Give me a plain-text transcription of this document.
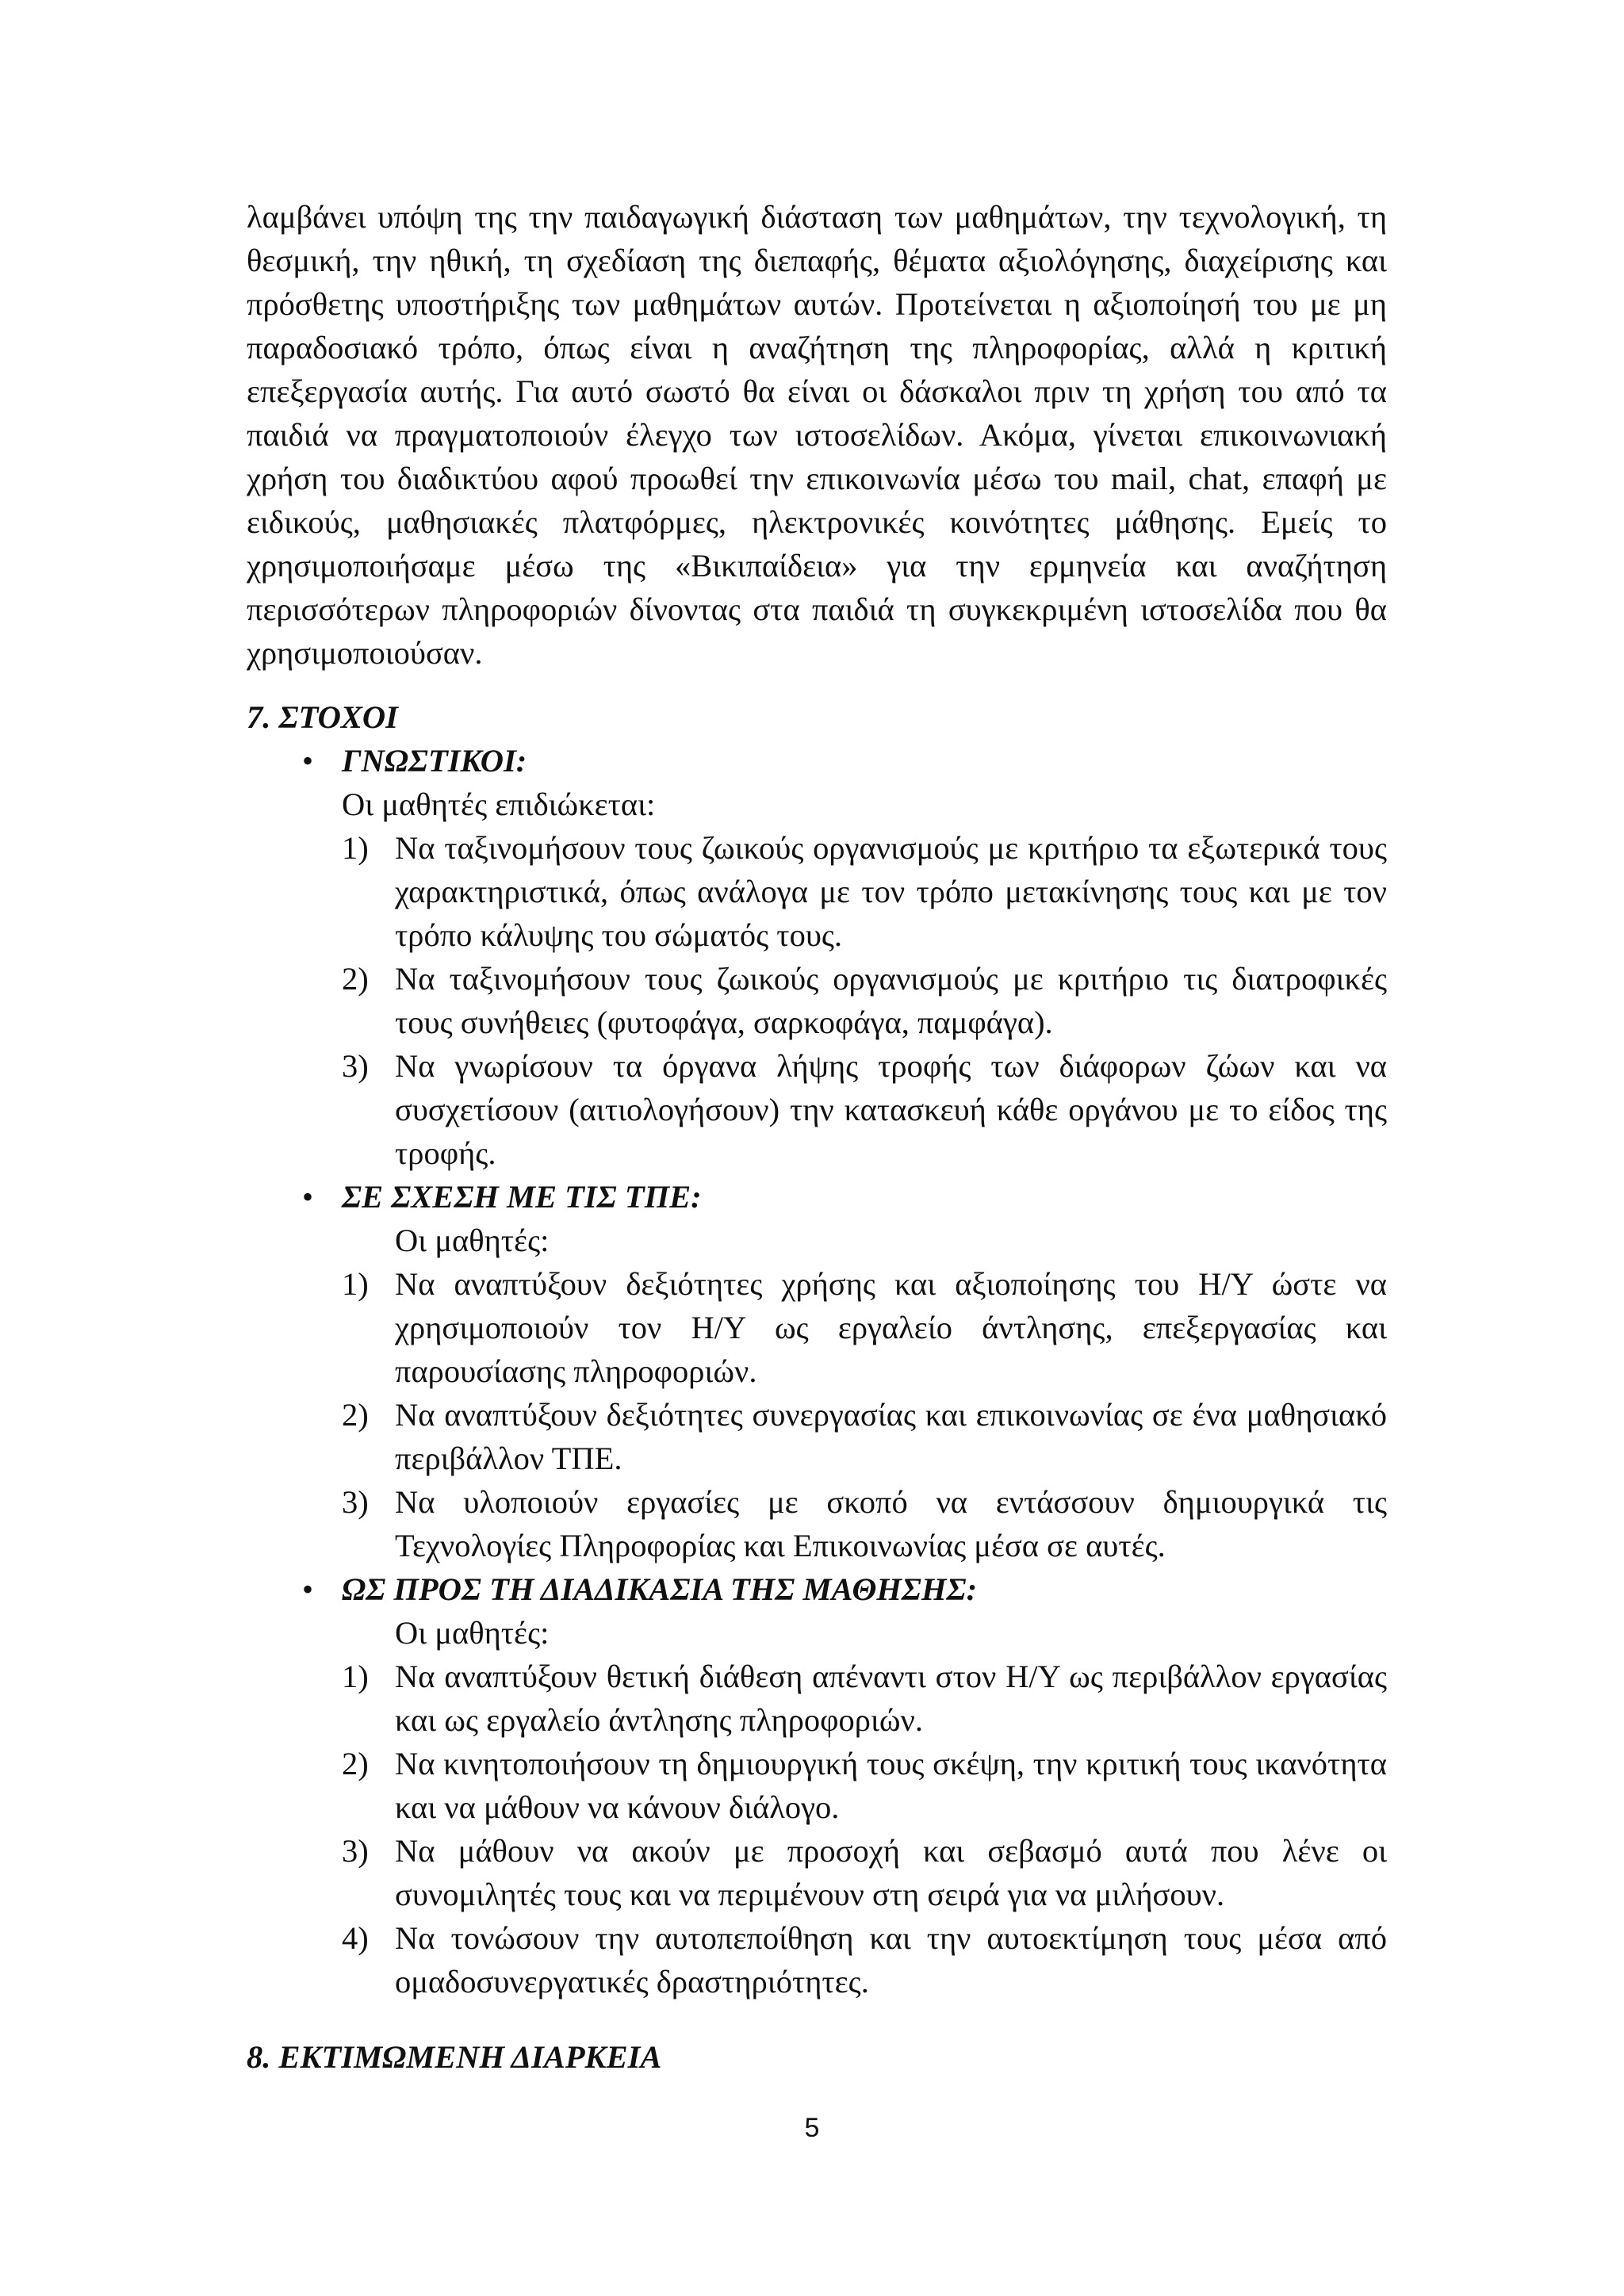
λαμβάνει υπόψη της την παιδαγωγική διάσταση των μαθημάτων, την τεχνολογική, τη θεσμική, την ηθική, τη σχεδίαση της διεπαφής, θέματα αξιολόγησης, διαχείρισης και πρόσθετης υποστήριξης των μαθημάτων αυτών. Προτείνεται η αξιοποίησή του με μη παραδοσιακό τρόπο, όπως είναι η αναζήτηση της πληροφορίας, αλλά η κριτική επεξεργασία αυτής. Για αυτό σωστό θα είναι οι δάσκαλοι πριν τη χρήση του από τα παιδιά να πραγματοποιούν έλεγχο των ιστοσελίδων. Ακόμα, γίνεται επικοινωνιακή χρήση του διαδικτύου αφού προωθεί την επικοινωνία μέσω του mail, chat, επαφή με ειδικούς, μαθησιακές πλατφόρμες, ηλεκτρονικές κοινότητες μάθησης. Εμείς το χρησιμοποιήσαμε μέσω της «Βικιπαίδεια» για την ερμηνεία και αναζήτηση περισσότερων πληροφοριών δίνοντας στα παιδιά τη συγκεκριμένη ιστοσελίδα που θα χρησιμοποιούσαν.

7. ΣΤΟΧΟΙ

• ΓΝΩΣΤΙΚΟΙ:

Οι μαθητές επιδιώκεται:

1) Να ταξινομήσουν τους ζωικούς οργανισμούς με κριτήριο τα εξωτερικά τους χαρακτηριστικά, όπως ανάλογα με τον τρόπο μετακίνησης τους και με τον τρόπο κάλυψης του σώματός τους.
2) Να ταξινομήσουν τους ζωικούς οργανισμούς με κριτήριο τις διατροφικές τους συνήθειες (φυτοφάγα, σαρκοφάγα, παμφάγα).
3) Να γνωρίσουν τα όργανα λήψης τροφής των διάφορων ζώων και να συσχετίσουν (αιτιολογήσουν) την κατασκευή κάθε οργάνου με το είδος της τροφής.
• ΣΕ ΣΧΕΣΗ ΜΕ ΤΙΣ ΤΠΕ:

Οι μαθητές:

1) Να αναπτύξουν δεξιότητες χρήσης και αξιοποίησης του Η/Υ ώστε να χρησιμοποιούν τον Η/Υ ως εργαλείο άντλησης, επεξεργασίας και παρουσίασης πληροφοριών.
2) Να αναπτύξουν δεξιότητες συνεργασίας και επικοινωνίας σε ένα μαθησιακό περιβάλλον ΤΠΕ.
3) Να υλοποιούν εργασίες με σκοπό να εντάσσουν δημιουργικά τις Τεχνολογίες Πληροφορίας και Επικοινωνίας μέσα σε αυτές.
• ΩΣ ΠΡΟΣ ΤΗ ΔΙΑΔΙΚΑΣΙΑ ΤΗΣ ΜΑΘΗΣΗΣ:

Οι μαθητές:

1) Να αναπτύξουν θετική διάθεση απέναντι στον Η/Υ ως περιβάλλον εργασίας και ως εργαλείο άντλησης πληροφοριών.
2) Να κινητοποιήσουν τη δημιουργική τους σκέψη, την κριτική τους ικανότητα και να μάθουν να κάνουν διάλογο.
3) Να μάθουν να ακούν με προσοχή και σεβασμό αυτά που λένε οι συνομιλητές τους και να περιμένουν στη σειρά για να μιλήσουν.
4) Να τονώσουν την αυτοπεποίθηση και την αυτοεκτίμηση τους μέσα από ομαδοσυνεργατικές δραστηριότητες.

8. ΕΚΤΙΜΩΜΕΝΗ ΔΙΑΡΚΕΙΑ

5
